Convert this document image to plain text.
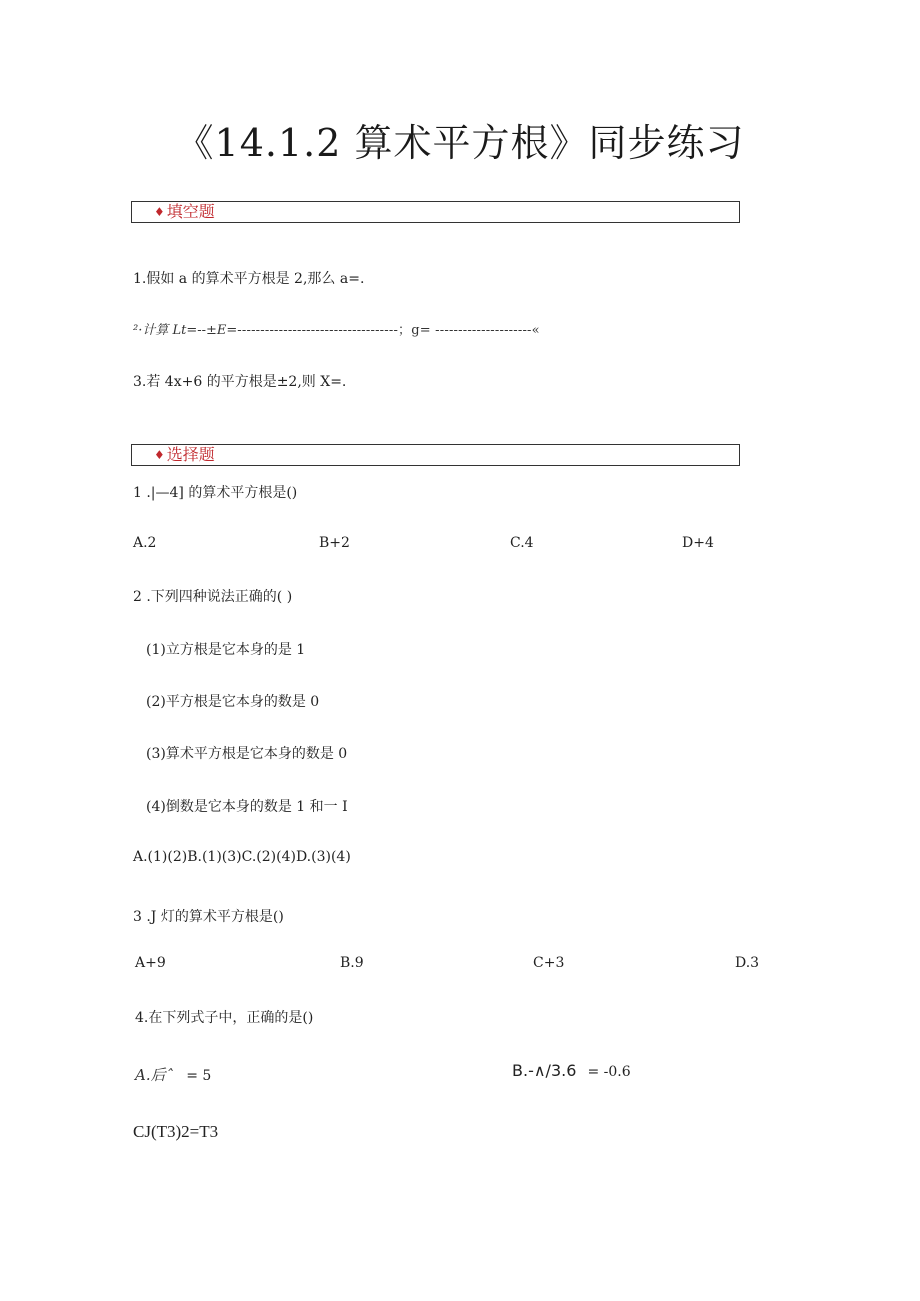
《14.1.2 算术平方根》同步练习
♦ 填空题
1.假如 a 的算术平方根是 2,那么 a=.
²·计算 Lt=--±E=-----------------------------------；g= ---------------------«
3.若 4x+6 的平方根是±2,则 X=.
♦ 选择题
1 .|—4] 的算术平方根是()
A.2	B+2	C.4	D+4
2 .下列四种说法正确的( )
(1)立方根是它本身的是 1
(2)平方根是它本身的数是 0
(3)算术平方根是它本身的数是 0
(4)倒数是它本身的数是 1 和一 I
A.(1)(2)B.(1)(3)C.(2)(4)D.(3)(4)
3 .J 灯的算术平方根是()
A+9	B.9	C+3	D.3
4.在下列式子中，正确的是()
A.后ˆ = 5	B.-∧/3.6 = -0.6
CJ(T3)2=T3
